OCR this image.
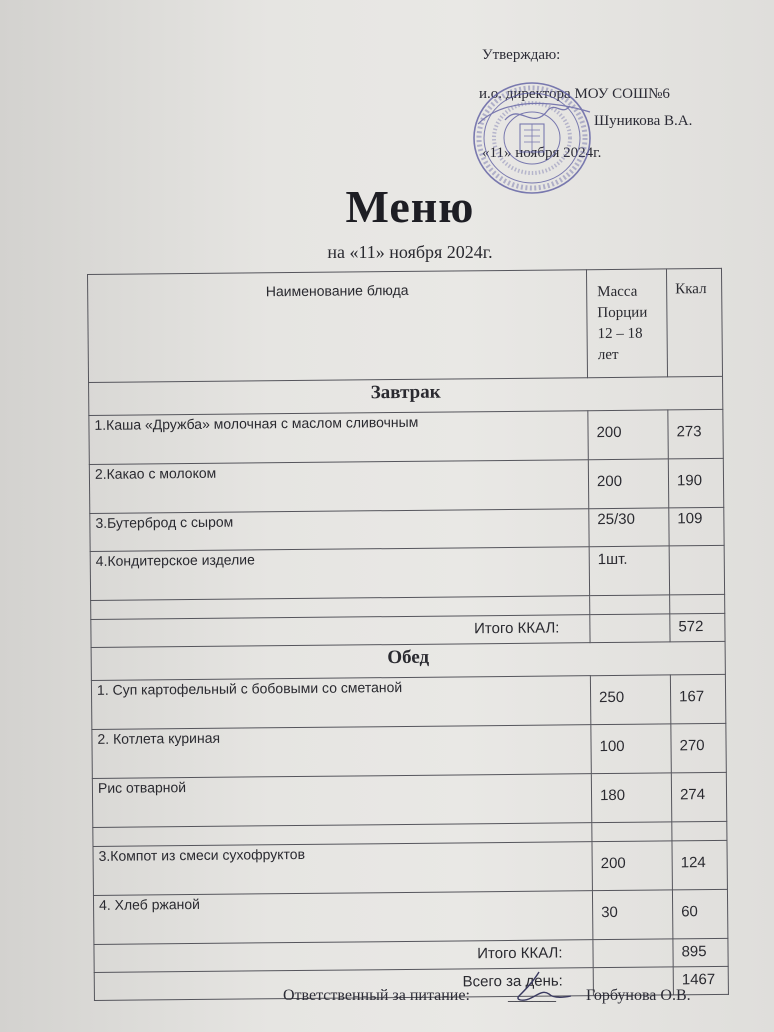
Утверждаю:
и.о. директора МОУ СОШ№6
Шуникова В.А.
«11» ноября 2024г.
Меню
на «11» ноября 2024г.
Наименование блюда	Масса Порции 12 – 18 лет	Ккал
Завтрак		
1.Каша «Дружба» молочная с маслом сливочным	200	273
2.Какао с молоком	200	190
3.Бутерброд с сыром	25/30	109
4.Кондитерское изделие	1шт.	

Итого ККАЛ:		572
Обед		
1. Суп картофельный с бобовыми со сметаной	250	167
2. Котлета куриная	100	270
Рис отварной	180	274

3.Компот из смеси сухофруктов	200	124
4. Хлеб ржаной	30	60
Итого ККАЛ:		895
Всего за день:		1467
Ответственный за питание: ______ Горбунова О.В.
